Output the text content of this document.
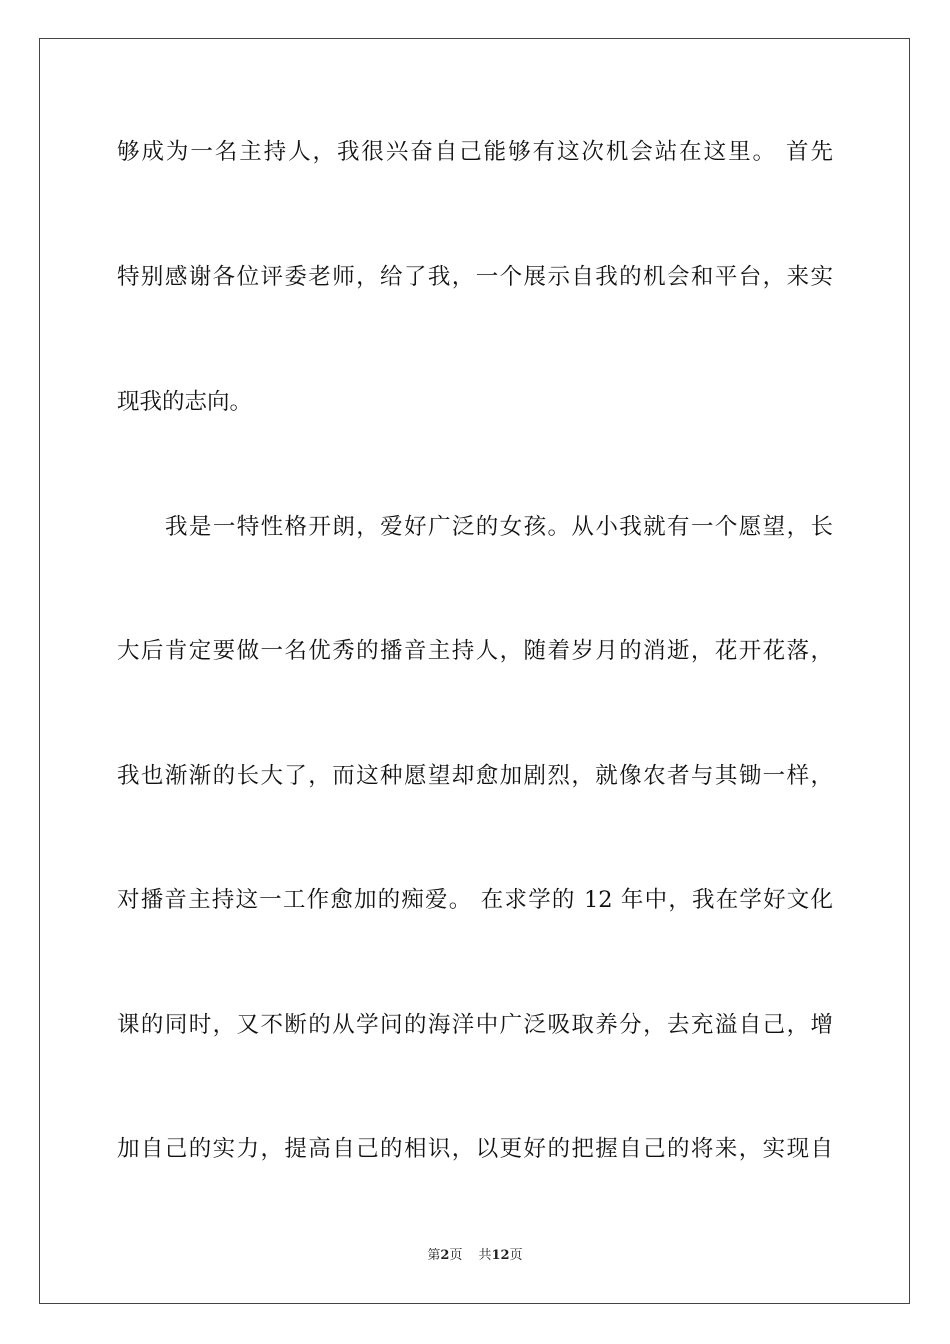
够成为一名主持人，我很兴奋自己能够有这次机会站在这里。 首先
特别感谢各位评委老师，给了我，一个展示自我的机会和平台，来实
现我的志向。
我是一特性格开朗，爱好广泛的女孩。从小我就有一个愿望，长
大后肯定要做一名优秀的播音主持人，随着岁月的消逝，花开花落，
我也渐渐的长大了，而这种愿望却愈加剧烈，就像农者与其锄一样，
对播音主持这一工作愈加的痴爱。 在求学的 12 年中，我在学好文化
课的同时，又不断的从学问的海洋中广泛吸取养分，去充溢自己，增
加自己的实力，提高自己的相识，以更好的把握自己的将来，实现自
第2页 共12页
